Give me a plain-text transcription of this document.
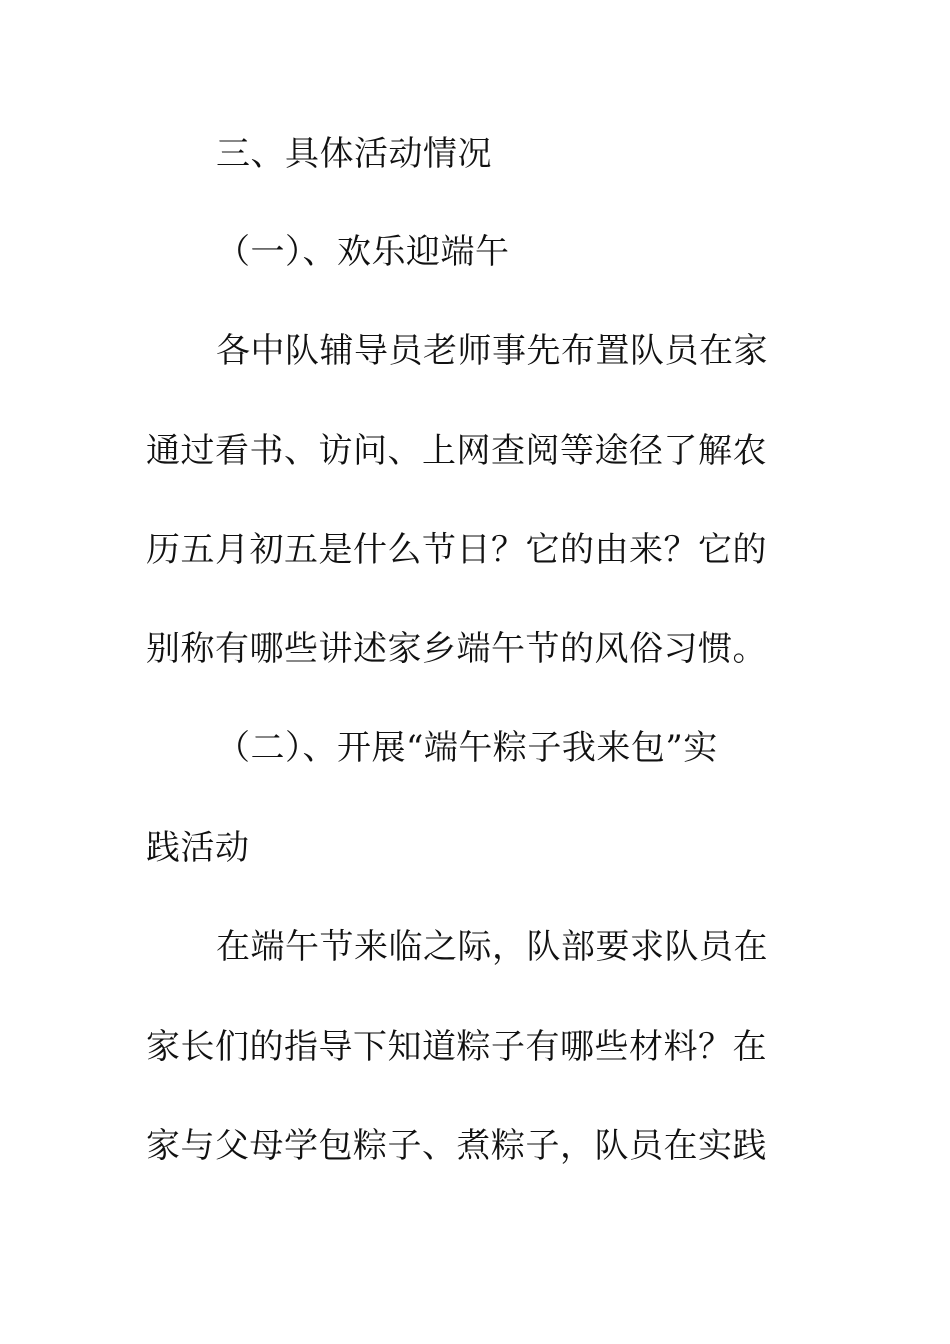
三、具体活动情况
（一）、欢乐迎端午
各中队辅导员老师事先布置队员在家
通过看书、访问、上网查阅等途径了解农
历五月初五是什么节日？它的由来？它的
别称有哪些讲述家乡端午节的风俗习惯。
（二）、开展“端午粽子我来包”实
践活动
在端午节来临之际，队部要求队员在
家长们的指导下知道粽子有哪些材料？在
家与父母学包粽子、煮粽子，队员在实践
